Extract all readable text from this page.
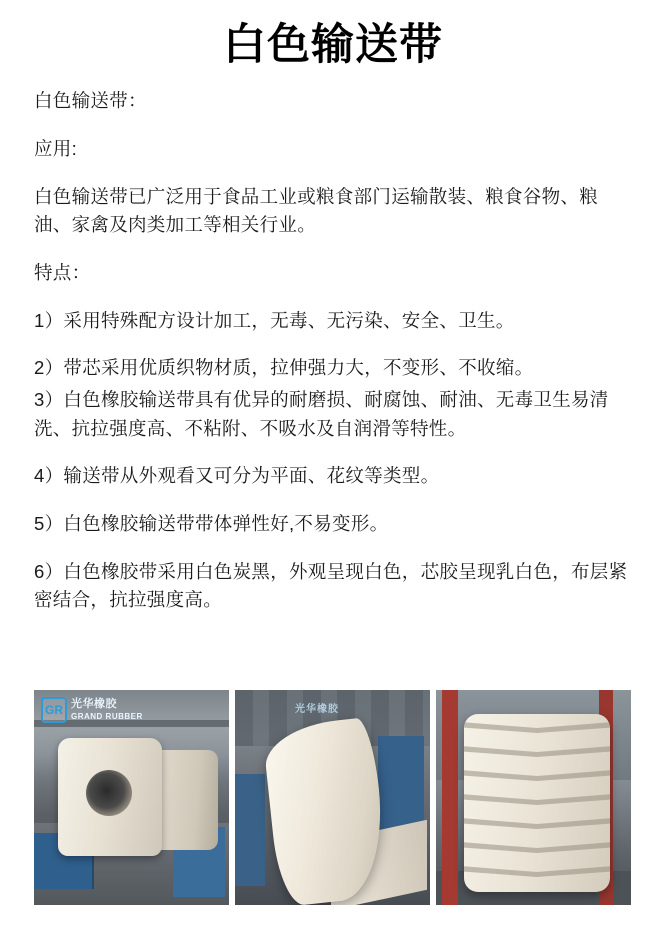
白色输送带

白色输送带：

应用:

白色输送带已广泛用于食品工业或粮食部门运输散装、粮食谷物、粮油、家禽及肉类加工等相关行业。

特点：

1）采用特殊配方设计加工，无毒、无污染、安全、卫生。

2）带芯采用优质织物材质，拉伸强力大，不变形、不收缩。

3）白色橡胶输送带具有优异的耐磨损、耐腐蚀、耐油、无毒卫生易清洗、抗拉强度高、不粘附、不吸水及自润滑等特性。

4）输送带从外观看又可分为平面、花纹等类型。

5）白色橡胶输送带带体弹性好,不易变形。

6）白色橡胶带采用白色炭黑，外观呈现白色，芯胶呈现乳白色，布层紧密结合，抗拉强度高。

GR 光华橡胶
GRAND RUBBER
光华橡胶
